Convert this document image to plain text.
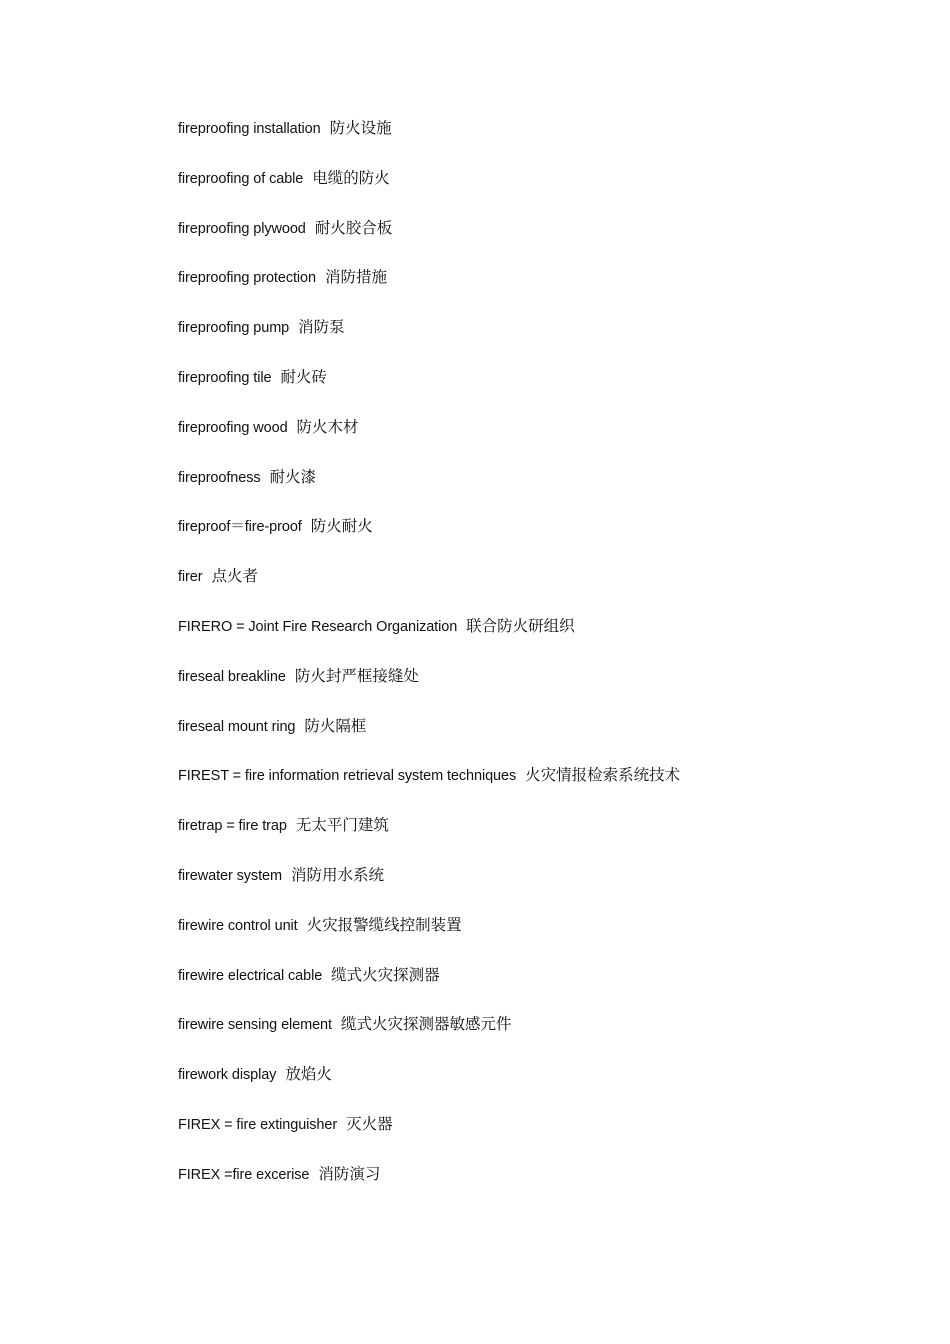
fireproofing installation 防火设施
fireproofing of cable 电缆的防火
fireproofing plywood 耐火胶合板
fireproofing protection 消防措施
fireproofing pump 消防泵
fireproofing tile 耐火砖
fireproofing wood 防火木材
fireproofness 耐火漆
fireproof＝fire-proof 防火耐火
firer 点火者
FIRERO = Joint Fire Research Organization 联合防火研组织
fireseal breakline 防火封严框接缝处
fireseal mount ring 防火隔框
FIREST = fire information retrieval system techniques 火灾情报检索系统技术
firetrap = fire trap 无太平门建筑
firewater system 消防用水系统
firewire control unit 火灾报警缆线控制装置
firewire electrical cable 缆式火灾探测器
firewire sensing element 缆式火灾探测器敏感元件
firework display 放焰火
FIREX = fire extinguisher 灭火器
FIREX =fire excerise 消防演习
